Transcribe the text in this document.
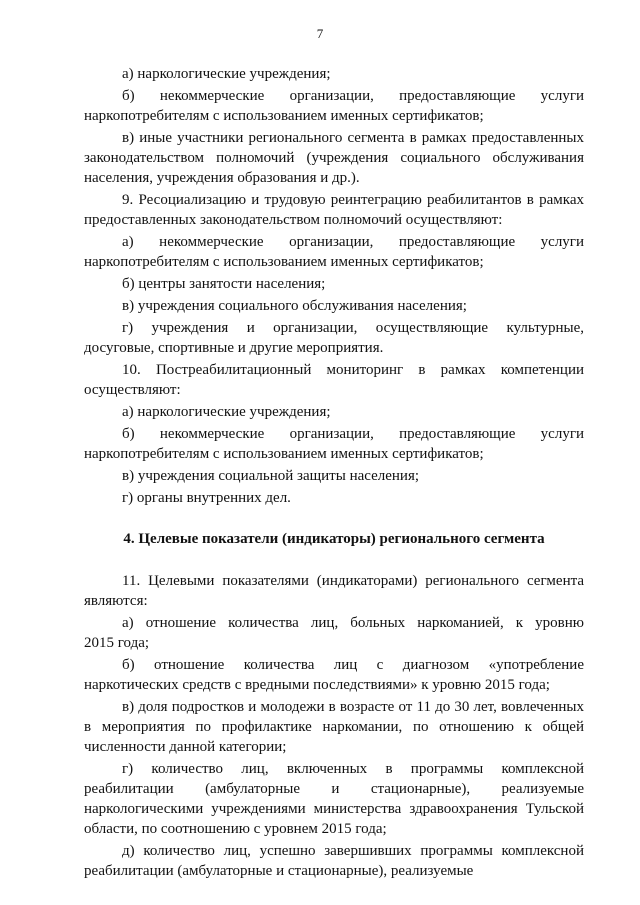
7
а) наркологические учреждения;
б) некоммерческие организации, предоставляющие услуги
наркопотребителям с использованием именных сертификатов;
в) иные участники регионального сегмента в рамках предоставленных
законодательством полномочий (учреждения социального обслуживания
населения, учреждения образования и др.).
9. Ресоциализацию и трудовую реинтеграцию реабилитантов в рамках
предоставленных законодательством полномочий осуществляют:
а) некоммерческие организации, предоставляющие услуги
наркопотребителям с использованием именных сертификатов;
б) центры занятости населения;
в) учреждения социального обслуживания населения;
г) учреждения и организации, осуществляющие культурные,
досуговые, спортивные и другие мероприятия.
10. Постреабилитационный мониторинг в рамках компетенции
осуществляют:
а) наркологические учреждения;
б) некоммерческие организации, предоставляющие услуги
наркопотребителям с использованием именных сертификатов;
в) учреждения социальной защиты населения;
г) органы внутренних дел.
4. Целевые показатели (индикаторы) регионального сегмента
11. Целевыми показателями (индикаторами) регионального сегмента
являются:
а) отношение количества лиц, больных наркоманией, к уровню
2015 года;
б) отношение количества лиц с диагнозом «употребление
наркотических средств с вредными последствиями» к уровню 2015 года;
в) доля подростков и молодежи в возрасте от 11 до 30 лет, вовлеченных
в мероприятия по профилактике наркомании, по отношению к общей
численности данной категории;
г) количество лиц, включенных в программы комплексной
реабилитации (амбулаторные и стационарные), реализуемые
наркологическими учреждениями министерства здравоохранения Тульской
области, по соотношению с уровнем 2015 года;
д) количество лиц, успешно завершивших программы комплексной
реабилитации (амбулаторные и стационарные), реализуемые
